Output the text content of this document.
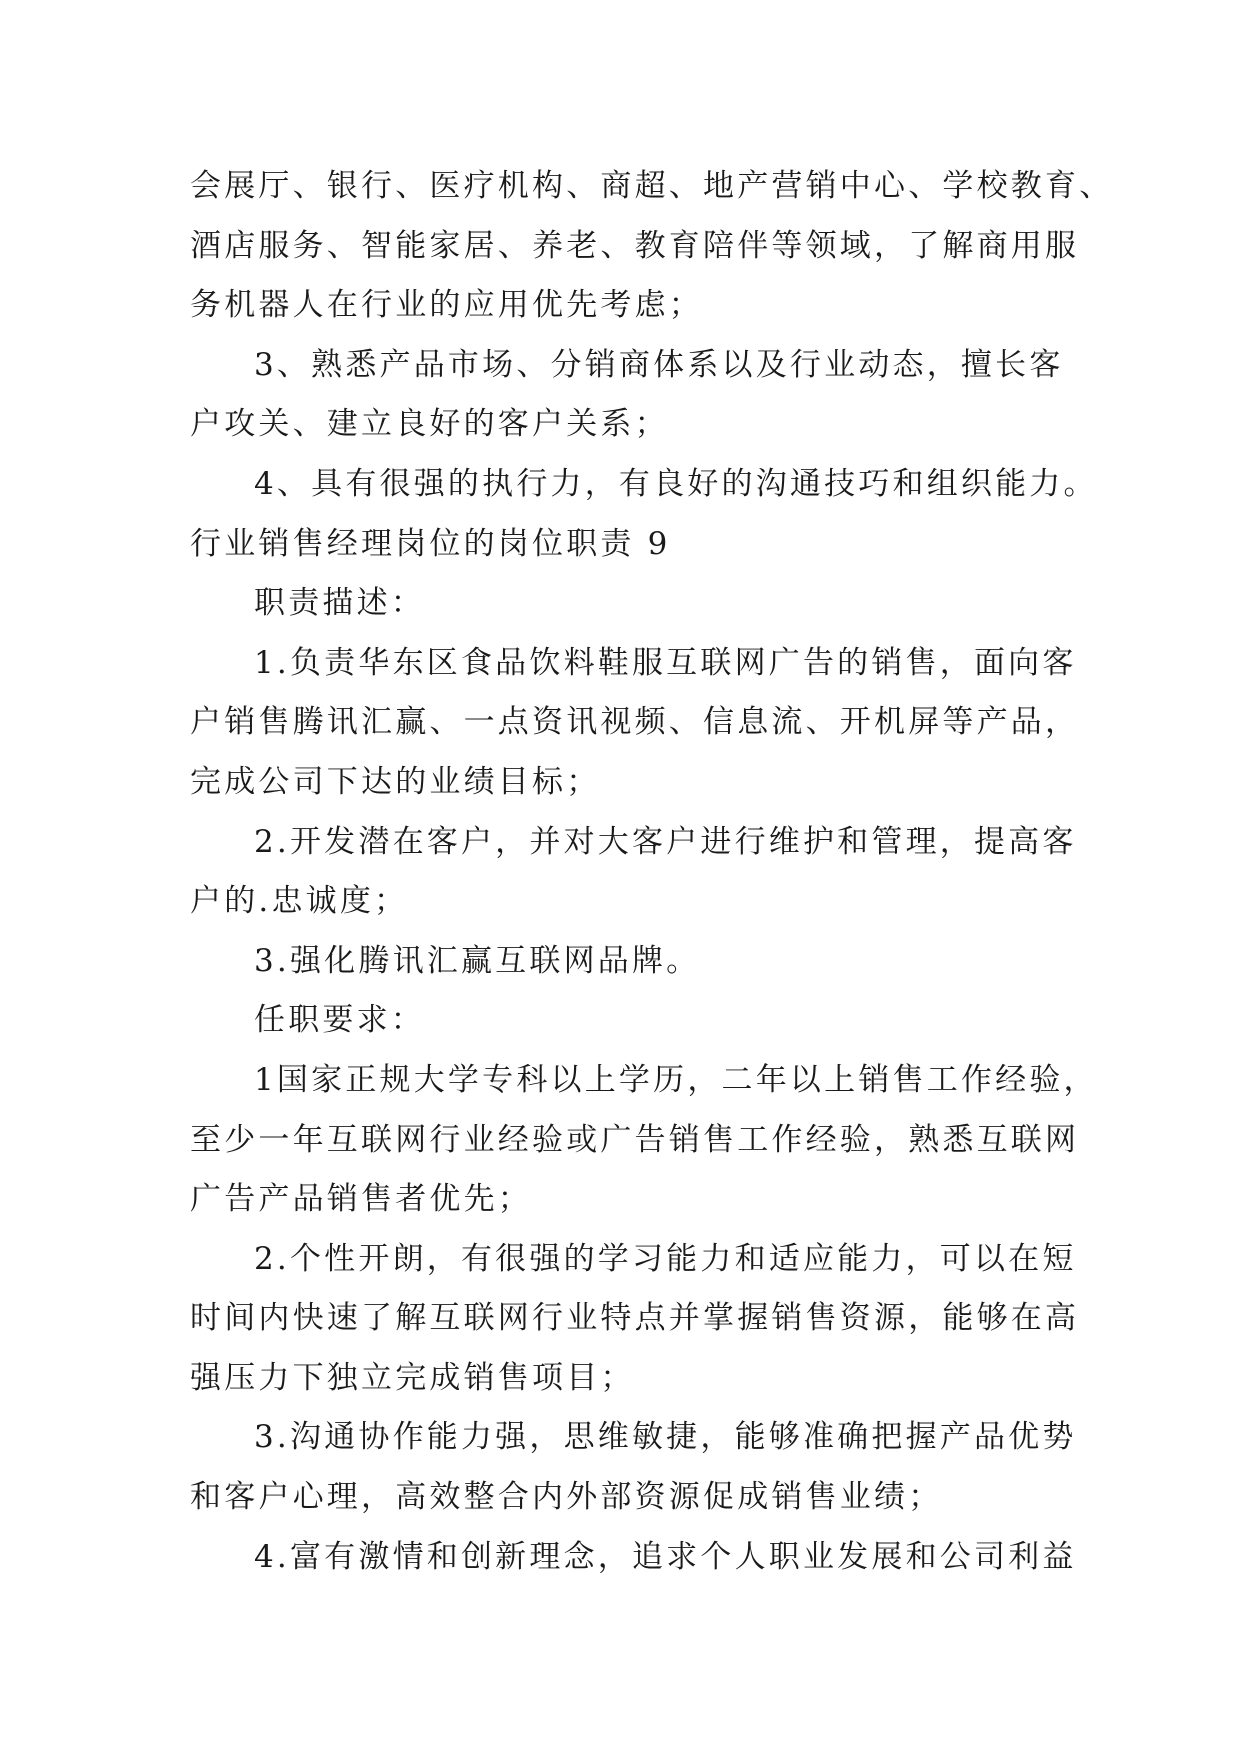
会展厅、银行、医疗机构、商超、地产营销中心、学校教育、
酒店服务、智能家居、养老、教育陪伴等领域，了解商用服
务机器人在行业的应用优先考虑；
3、熟悉产品市场、分销商体系以及行业动态，擅长客
户攻关、建立良好的客户关系；
4、具有很强的执行力，有良好的沟通技巧和组织能力。
行业销售经理岗位的岗位职责 9
职责描述：
1.负责华东区食品饮料鞋服互联网广告的销售，面向客
户销售腾讯汇赢、一点资讯视频、信息流、开机屏等产品，
完成公司下达的业绩目标；
2.开发潜在客户，并对大客户进行维护和管理，提高客
户的.忠诚度；
3.强化腾讯汇赢互联网品牌。
任职要求：
1国家正规大学专科以上学历，二年以上销售工作经验，
至少一年互联网行业经验或广告销售工作经验，熟悉互联网
广告产品销售者优先；
2.个性开朗，有很强的学习能力和适应能力，可以在短
时间内快速了解互联网行业特点并掌握销售资源，能够在高
强压力下独立完成销售项目；
3.沟通协作能力强，思维敏捷，能够准确把握产品优势
和客户心理，高效整合内外部资源促成销售业绩；
4.富有激情和创新理念，追求个人职业发展和公司利益
